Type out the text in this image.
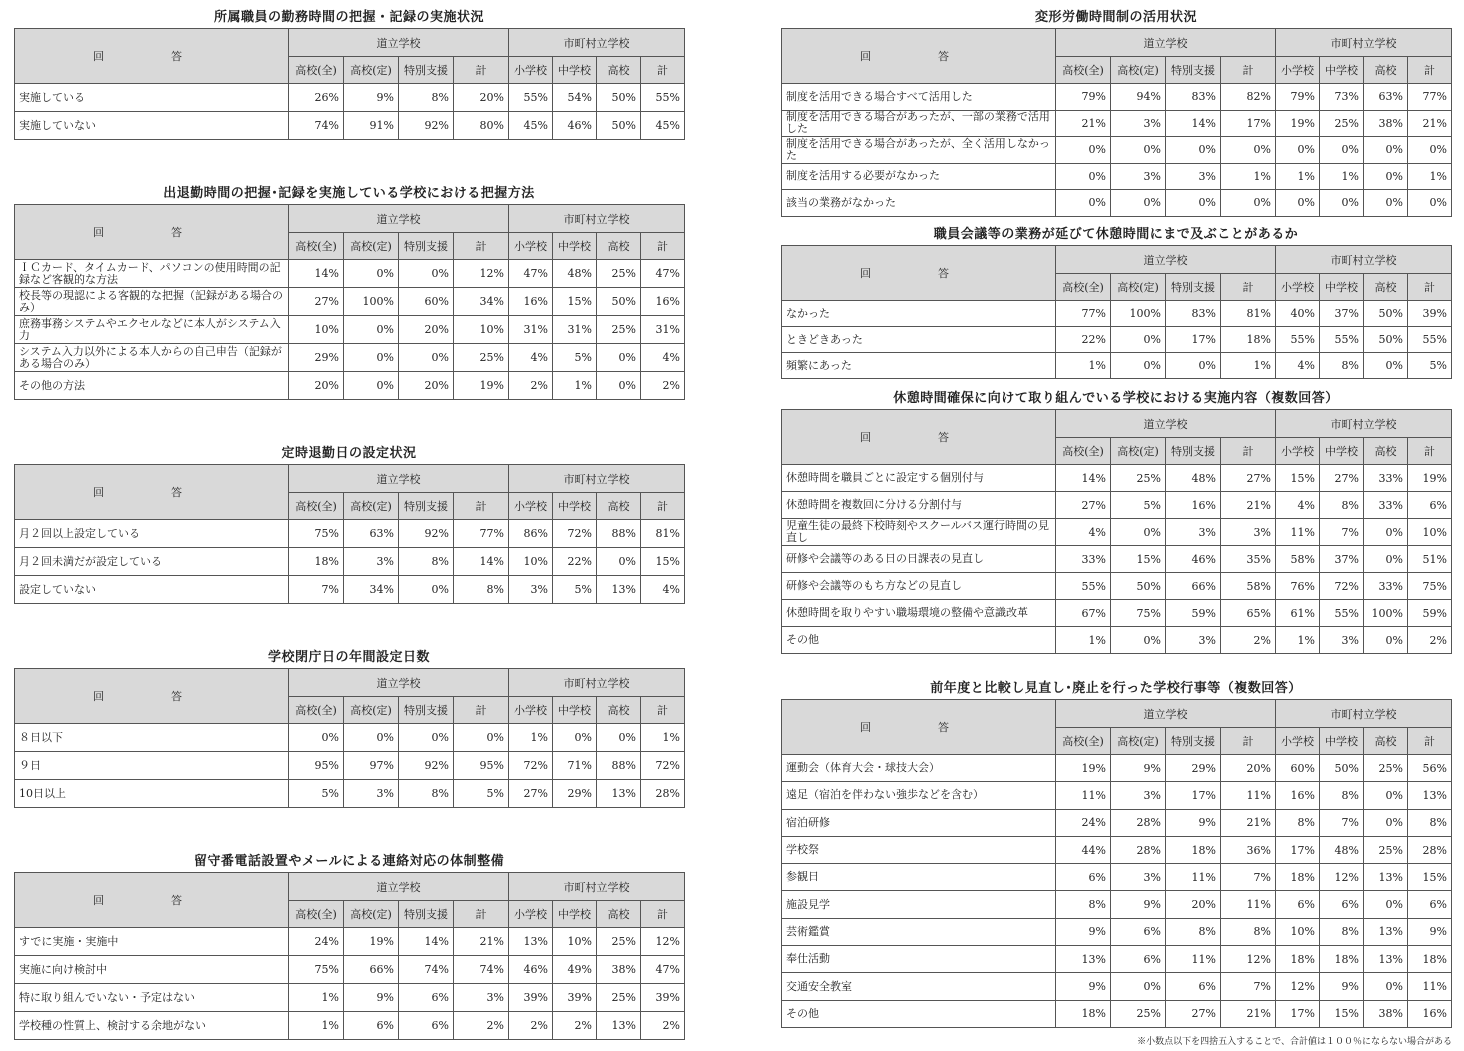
所属職員の勤務時間の把握・記録の実施状況
回　答	道立学校				市町村立学校			
	高校(全)	高校(定)	特別支援	計	小学校	中学校	高校	計
実施している	26%	9%	8%	20%	55%	54%	50%	55%
実施していない	74%	91%	92%	80%	45%	46%	50%	45%
出退勤時間の把握･記録を実施している学校における把握方法
回　答	道立学校				市町村立学校			
	高校(全)	高校(定)	特別支援	計	小学校	中学校	高校	計
ＩＣカード、タイムカード、パソコンの使用時間の記録など客観的な方法	14%	0%	0%	12%	47%	48%	25%	47%
校長等の現認による客観的な把握（記録がある場合のみ）	27%	100%	60%	34%	16%	15%	50%	16%
庶務事務システムやエクセルなどに本人がシステム入力	10%	0%	20%	10%	31%	31%	25%	31%
システム入力以外による本人からの自己申告（記録がある場合のみ）	29%	0%	0%	25%	4%	5%	0%	4%
その他の方法	20%	0%	20%	19%	2%	1%	0%	2%
定時退勤日の設定状況
回　答	道立学校				市町村立学校			
	高校(全)	高校(定)	特別支援	計	小学校	中学校	高校	計
月２回以上設定している	75%	63%	92%	77%	86%	72%	88%	81%
月２回未満だが設定している	18%	3%	8%	14%	10%	22%	0%	15%
設定していない	7%	34%	0%	8%	3%	5%	13%	4%
学校閉庁日の年間設定日数
回　答	道立学校				市町村立学校			
	高校(全)	高校(定)	特別支援	計	小学校	中学校	高校	計
８日以下	0%	0%	0%	0%	1%	0%	0%	1%
９日	95%	97%	92%	95%	72%	71%	88%	72%
10日以上	5%	3%	8%	5%	27%	29%	13%	28%
留守番電話設置やメールによる連絡対応の体制整備
回　答	道立学校				市町村立学校			
	高校(全)	高校(定)	特別支援	計	小学校	中学校	高校	計
すでに実施・実施中	24%	19%	14%	21%	13%	10%	25%	12%
実施に向け検討中	75%	66%	74%	74%	46%	49%	38%	47%
特に取り組んでいない・予定はない	1%	9%	6%	3%	39%	39%	25%	39%
学校種の性質上、検討する余地がない	1%	6%	6%	2%	2%	2%	13%	2%
変形労働時間制の活用状況
回　答	道立学校				市町村立学校			
	高校(全)	高校(定)	特別支援	計	小学校	中学校	高校	計
制度を活用できる場合すべて活用した	79%	94%	83%	82%	79%	73%	63%	77%
制度を活用できる場合があったが、一部の業務で活用した	21%	3%	14%	17%	19%	25%	38%	21%
制度を活用できる場合があったが、全く活用しなかった	0%	0%	0%	0%	0%	0%	0%	0%
制度を活用する必要がなかった	0%	3%	3%	1%	1%	1%	0%	1%
該当の業務がなかった	0%	0%	0%	0%	0%	0%	0%	0%
職員会議等の業務が延びて休憩時間にまで及ぶことがあるか
回　答	道立学校				市町村立学校			
	高校(全)	高校(定)	特別支援	計	小学校	中学校	高校	計
なかった	77%	100%	83%	81%	40%	37%	50%	39%
ときどきあった	22%	0%	17%	18%	55%	55%	50%	55%
頻繁にあった	1%	0%	0%	1%	4%	8%	0%	5%
休憩時間確保に向けて取り組んでいる学校における実施内容（複数回答）
回　答	道立学校				市町村立学校			
	高校(全)	高校(定)	特別支援	計	小学校	中学校	高校	計
休憩時間を職員ごとに設定する個別付与	14%	25%	48%	27%	15%	27%	33%	19%
休憩時間を複数回に分ける分割付与	27%	5%	16%	21%	4%	8%	33%	6%
児童生徒の最終下校時刻やスクールバス運行時間の見直し	4%	0%	3%	3%	11%	7%	0%	10%
研修や会議等のある日の日課表の見直し	33%	15%	46%	35%	58%	37%	0%	51%
研修や会議等のもち方などの見直し	55%	50%	66%	58%	76%	72%	33%	75%
休憩時間を取りやすい職場環境の整備や意識改革	67%	75%	59%	65%	61%	55%	100%	59%
その他	1%	0%	3%	2%	1%	3%	0%	2%
前年度と比較し見直し･廃止を行った学校行事等（複数回答）
回　答	道立学校				市町村立学校			
	高校(全)	高校(定)	特別支援	計	小学校	中学校	高校	計
運動会（体育大会・球技大会）	19%	9%	29%	20%	60%	50%	25%	56%
遠足（宿泊を伴わない強歩などを含む）	11%	3%	17%	11%	16%	8%	0%	13%
宿泊研修	24%	28%	9%	21%	8%	7%	0%	8%
学校祭	44%	28%	18%	36%	17%	48%	25%	28%
参観日	6%	3%	11%	7%	18%	12%	13%	15%
施設見学	8%	9%	20%	11%	6%	6%	0%	6%
芸術鑑賞	9%	6%	8%	8%	10%	8%	13%	9%
奉仕活動	13%	6%	11%	12%	18%	18%	13%	18%
交通安全教室	9%	0%	6%	7%	12%	9%	0%	11%
その他	18%	25%	27%	21%	17%	15%	38%	16%
※小数点以下を四捨五入することで、合計値は１００％にならない場合がある
